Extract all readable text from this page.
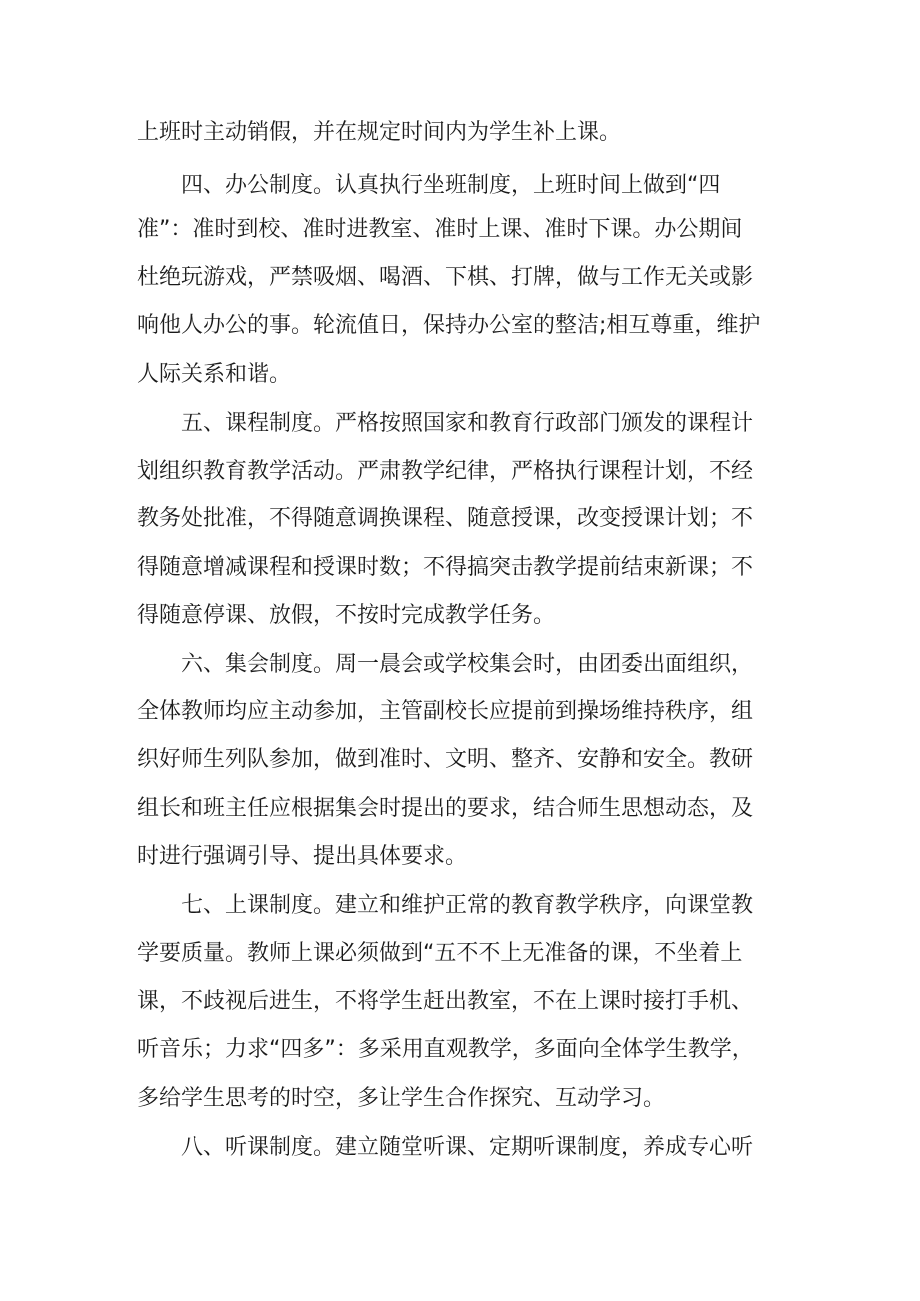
上班时主动销假，并在规定时间内为学生补上课。
四、办公制度。认真执行坐班制度，上班时间上做到“四
准”：准时到校、准时进教室、准时上课、准时下课。办公期间
杜绝玩游戏，严禁吸烟、喝酒、下棋、打牌，做与工作无关或影
响他人办公的事。轮流值日，保持办公室的整洁;相互尊重，维护
人际关系和谐。
五、课程制度。严格按照国家和教育行政部门颁发的课程计
划组织教育教学活动。严肃教学纪律，严格执行课程计划，不经
教务处批准，不得随意调换课程、随意授课，改变授课计划；不
得随意增减课程和授课时数；不得搞突击教学提前结束新课；不
得随意停课、放假，不按时完成教学任务。
六、集会制度。周一晨会或学校集会时，由团委出面组织，
全体教师均应主动参加，主管副校长应提前到操场维持秩序，组
织好师生列队参加，做到准时、文明、整齐、安静和安全。教研
组长和班主任应根据集会时提出的要求，结合师生思想动态，及
时进行强调引导、提出具体要求。
七、上课制度。建立和维护正常的教育教学秩序，向课堂教
学要质量。教师上课必须做到“五不不上无准备的课，不坐着上
课，不歧视后进生，不将学生赶出教室，不在上课时接打手机、
听音乐；力求“四多”：多采用直观教学，多面向全体学生教学，
多给学生思考的时空，多让学生合作探究、互动学习。
八、听课制度。建立随堂听课、定期听课制度，养成专心听
